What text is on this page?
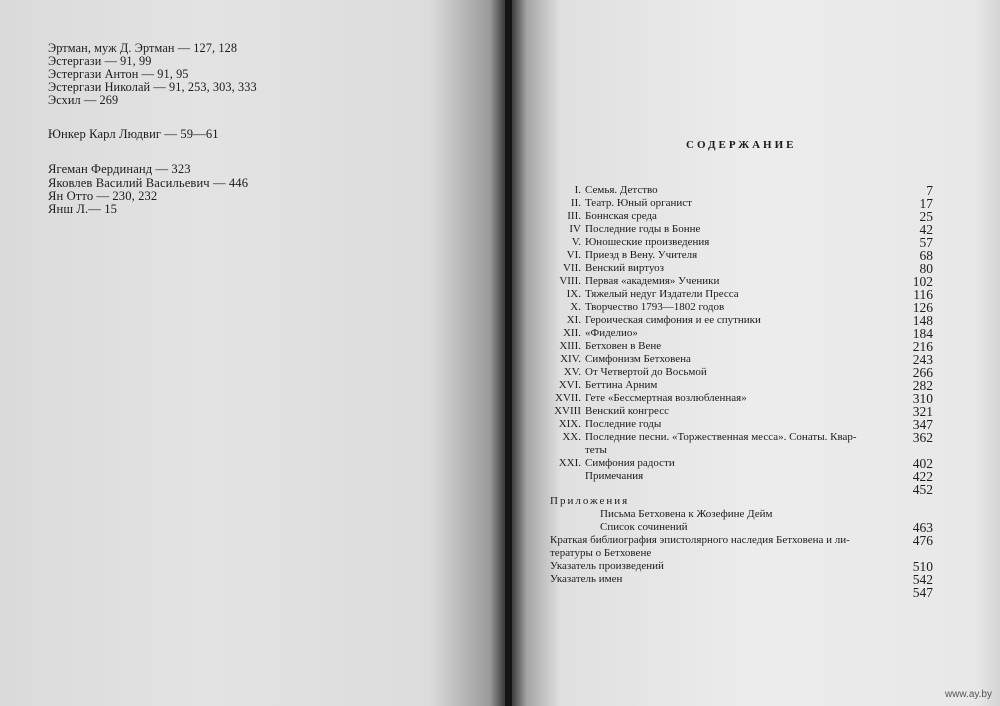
Эртман, муж Д. Эртман — 127, 128
Эстергази — 91, 99
Эстергази Антон — 91, 95
Эстергази Николай — 91, 253, 303, 333
Эсхил — 269
Юнкер Карл Людвиг — 59—61
Ягеман Фердинанд — 323
Яковлев Василий Васильевич — 446
Ян Отто — 230, 232
Янш Л.— 15
СОДЕРЖАНИЕ
I. Семья. Детство	7
II. Театр. Юный органист	17
III. Боннская среда	25
IV Последние годы в Бонне	42
V. Юношеские произведения	57
VI. Приезд в Вену. Учителя	68
VII. Венский виртуоз	80
VIII. Первая «академия» Ученики	102
IX. Тяжелый недуг Издатели Пресса	116
X. Творчество 1793—1802 годов	126
XI. Героическая симфония и ее спутники	148
XII. «Фиделио»	184
XIII. Бетховен в Вене	216
XIV. Симфонизм Бетховена	243
XV. От Четвертой до Восьмой	266
XVI. Беттина Арним	282
XVII. Гете «Бессмертная возлюбленная»	310
XVIII Венский конгресс	321
XIX. Последние годы	347
XX. Последние песни. «Торжественная месса». Сонаты. Квар-	362
теты
XXI. Симфония радости	402
Примечания	422
452
Приложения
Письма Бетховена к Жозефине Дейм
Список сочинений	463
Краткая библиография эпистолярного наследия Бетховена и ли-	476
тературы о Бетховене
Указатель произведений	510
Указатель имен	542
547
www.ay.by
